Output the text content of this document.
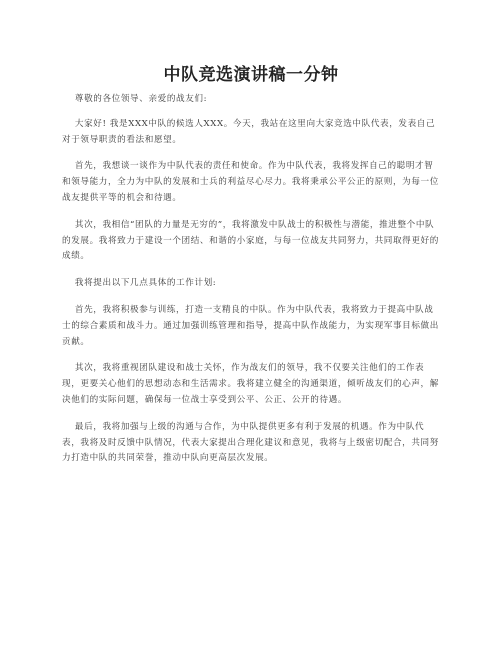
中队竞选演讲稿一分钟

尊敬的各位领导、亲爱的战友们:

大家好! 我是XXX中队的候选人XXX。今天，我站在这里向大家竞选中队代表，发表自己对于领导职责的看法和愿望。

首先，我想谈一谈作为中队代表的责任和使命。作为中队代表，我将发挥自己的聪明才智和领导能力，全力为中队的发展和士兵的利益尽心尽力。我将秉承公平公正的原则，为每一位战友提供平等的机会和待遇。

其次，我相信“团队的力量是无穷的”，我将激发中队战士的积极性与潜能，推进整个中队的发展。我将致力于建设一个团结、和谐的小家庭，与每一位战友共同努力，共同取得更好的成绩。

我将提出以下几点具体的工作计划:

首先，我将积极参与训练，打造一支精良的中队。作为中队代表，我将致力于提高中队战士的综合素质和战斗力。通过加强训练管理和指导，提高中队作战能力，为实现军事目标做出贡献。

其次，我将重视团队建设和战士关怀，作为战友们的领导，我不仅要关注他们的工作表现，更要关心他们的思想动态和生活需求。我将建立健全的沟通渠道，倾听战友们的心声，解决他们的实际问题，确保每一位战士享受到公平、公正、公开的待遇。

最后，我将加强与上级的沟通与合作，为中队提供更多有利于发展的机遇。作为中队代表，我将及时反馈中队情况，代表大家提出合理化建议和意见，我将与上级密切配合，共同努力打造中队的共同荣誉，推动中队向更高层次发展。
